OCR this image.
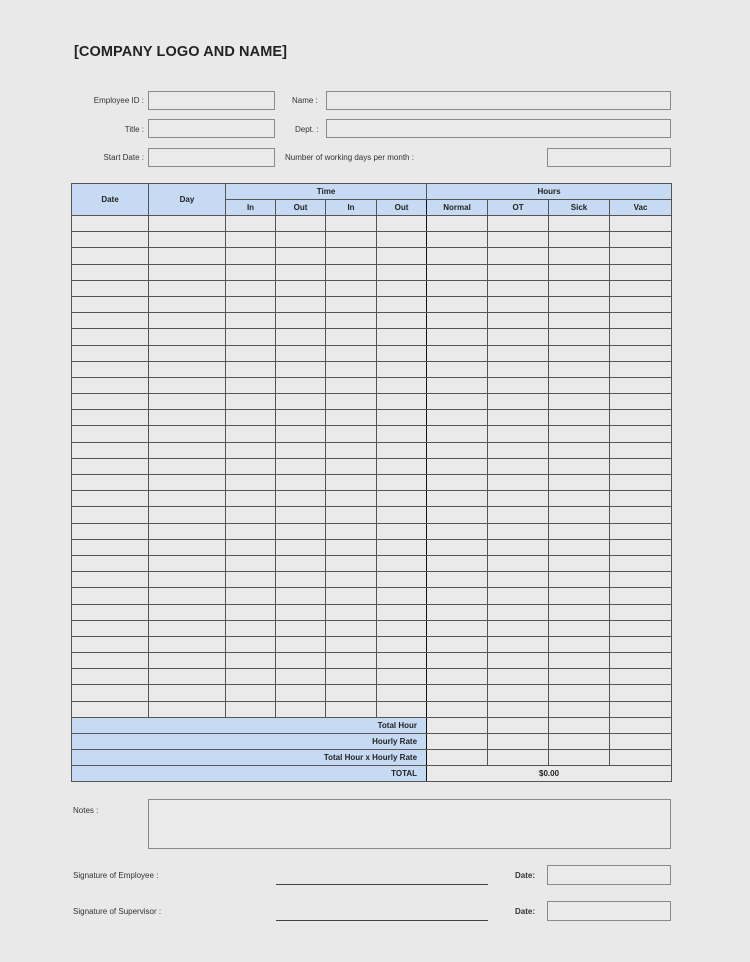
[COMPANY LOGO AND NAME]
Employee ID :
Title :
Start Date :
Name :
Dept. :
Number of working days per month :
Date	Day	Time				Hours			
		In	Out	In	Out	Normal	OT	Sick	Vac

Total Hour									
Hourly Rate									
Total Hour x Hourly Rate									
TOTAL						$0.00			
Notes :
Signature of Employee :	Date:
Signature of Supervisor :	Date:
